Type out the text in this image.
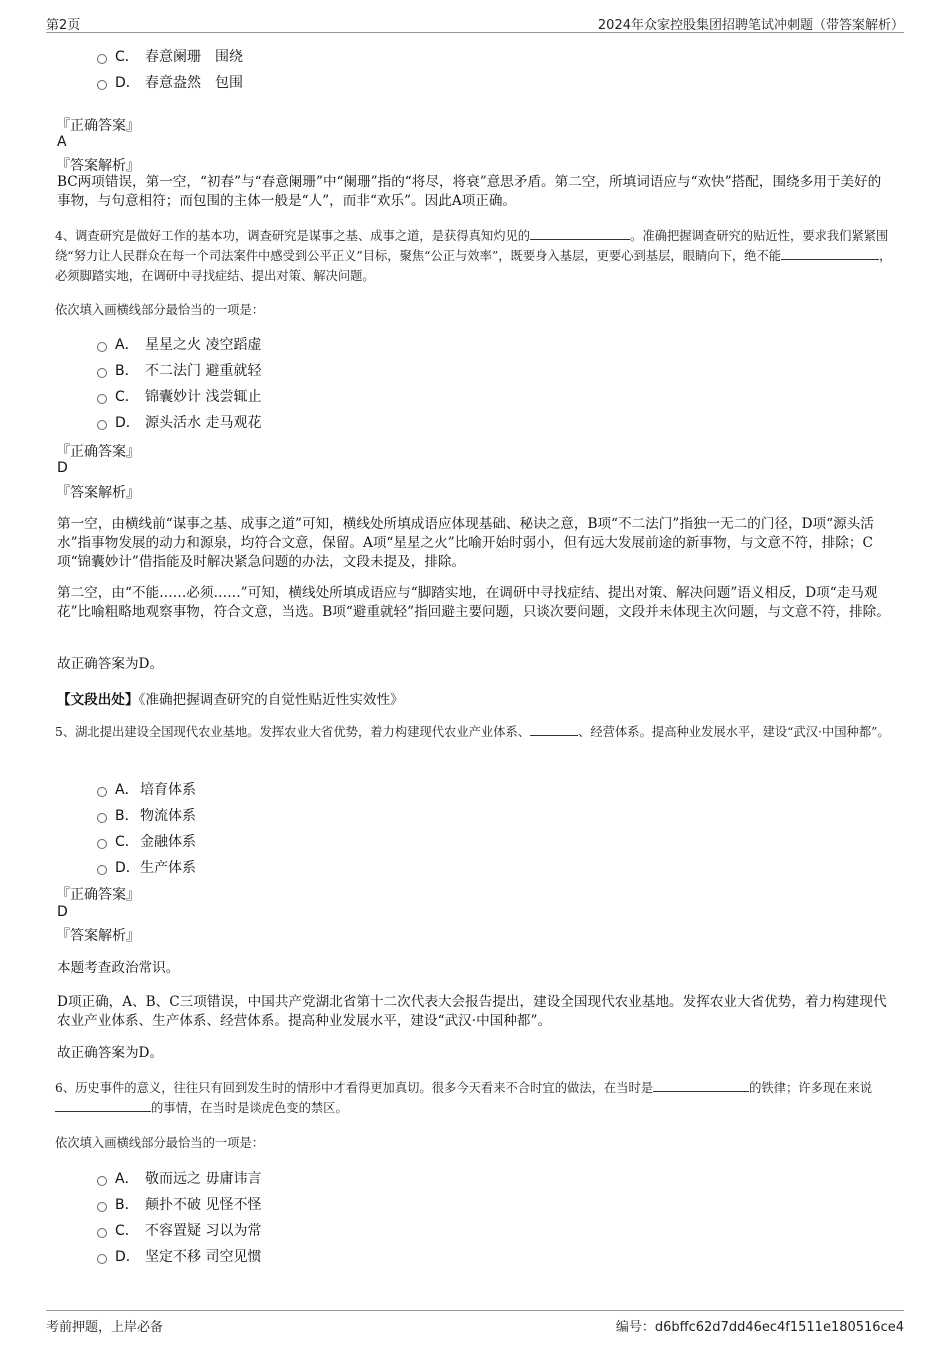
第2页	2024年众家控股集团招聘笔试冲刺题（带答案解析）
C． 春意阑珊　围绕
D． 春意盎然　包围
『正确答案』
A
『答案解析』
BC两项错误，第一空，“初春”与“春意阑珊”中“阑珊”指的“将尽，将衰”意思矛盾。第二空，所填词语应与“欢快”搭配，围绕多用于美好的事物，与句意相符；而包围的主体一般是“人”，而非“欢乐”。因此A项正确。
4、调查研究是做好工作的基本功，调查研究是谋事之基、成事之道，是获得真知灼见的	。准确把握调查研究的贴近性，要求我们紧紧围绕“努力让人民群众在每一个司法案件中感受到公平正义”目标，聚焦“公正与效率”，既要身入基层，更要心到基层，眼睛向下，绝不能	，必须脚踏实地，在调研中寻找症结、提出对策、解决问题。
依次填入画横线部分最恰当的一项是：
A． 星星之火 凌空蹈虚
B． 不二法门 避重就轻
C． 锦囊妙计 浅尝辄止
D． 源头活水 走马观花
『正确答案』
D
『答案解析』
第一空，由横线前“谋事之基、成事之道”可知，横线处所填成语应体现基础、秘诀之意，B项“不二法门”指独一无二的门径，D项“源头活水”指事物发展的动力和源泉，均符合文意，保留。A项“星星之火”比喻开始时弱小，但有远大发展前途的新事物，与文意不符，排除；C项“锦囊妙计”借指能及时解决紧急问题的办法，文段未提及，排除。
第二空，由“不能……必须……”可知，横线处所填成语应与“脚踏实地，在调研中寻找症结、提出对策、解决问题”语义相反，D项“走马观花”比喻粗略地观察事物，符合文意，当选。B项“避重就轻”指回避主要问题，只谈次要问题，文段并未体现主次问题，与文意不符，排除。
故正确答案为D。
【文段出处】《准确把握调查研究的自觉性贴近性实效性》
5、湖北提出建设全国现代农业基地。发挥农业大省优势，着力构建现代农业产业体系、	、经营体系。提高种业发展水平，建设“武汉·中国种都”。
A． 培育体系
B． 物流体系
C． 金融体系
D． 生产体系
『正确答案』
D
『答案解析』
本题考查政治常识。
D项正确，A、B、C三项错误，中国共产党湖北省第十二次代表大会报告提出，建设全国现代农业基地。发挥农业大省优势，着力构建现代农业产业体系、生产体系、经营体系。提高种业发展水平，建设“武汉·中国种都”。
故正确答案为D。
6、历史事件的意义，往往只有回到发生时的情形中才看得更加真切。很多今天看来不合时宜的做法，在当时是	的铁律；许多现在来说的事情，在当时是谈虎色变的禁区。
依次填入画横线部分最恰当的一项是：
A． 敬而远之 毋庸讳言
B． 颠扑不破 见怪不怪
C． 不容置疑 习以为常
D． 坚定不移 司空见惯
考前押题，上岸必备	编号：d6bffc62d7dd46ec4f1511e180516ce4
